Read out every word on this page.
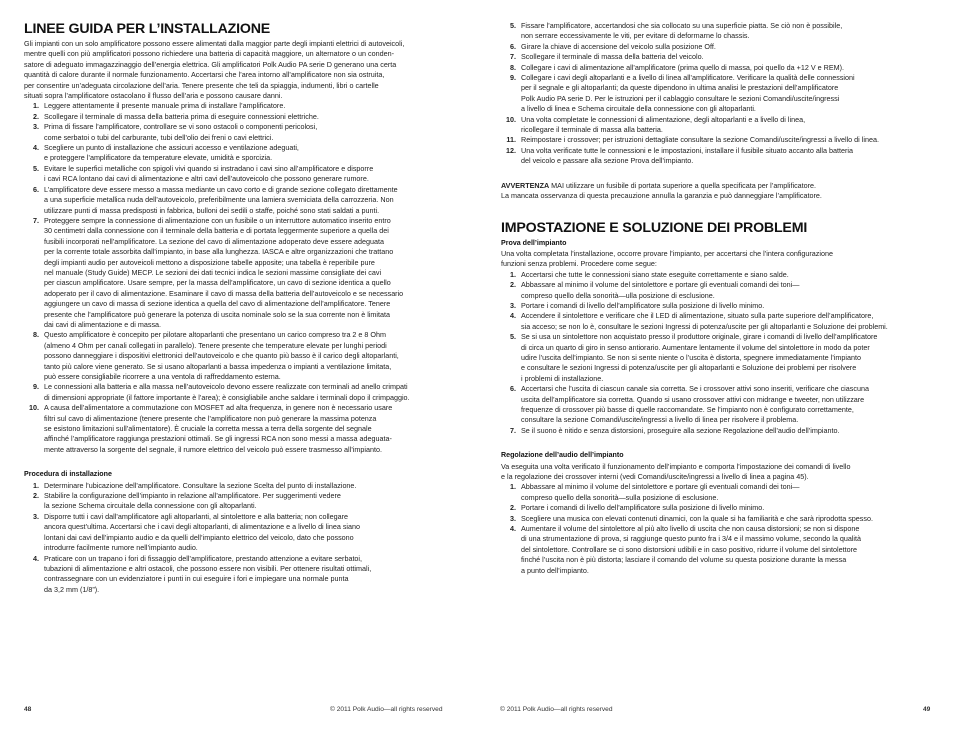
LINEE GUIDA PER L’INSTALLAZIONE

Gli impianti con un solo amplificatore possono essere alimentati dalla maggior parte degli impianti elettrici di autoveicoli,
mentre quelli con più amplificatori possono richiedere una batteria di capacità maggiore, un alternatore o un conden-
satore di adeguato immagazzinaggio dell’energia elettrica. Gli amplificatori Polk Audio PA serie D generano una certa
quantità di calore durante il normale funzionamento. Accertarsi che l’area intorno all’amplificatore non sia ostruita,
per consentire un’adeguata circolazione dell’aria. Tenere presente che teli da spiaggia, indumenti, libri o cartelle
situati sopra l’amplificatore ostacolano il flusso dell’aria e possono causare danni.

1. Leggere attentamente il presente manuale prima di installare l’amplificatore.
2. Scollegare il terminale di massa della batteria prima di eseguire connessioni elettriche.
3. Prima di fissare l’amplificatore, controllare se vi sono ostacoli o componenti pericolosi,
come serbatoi o tubi del carburante, tubi dell’olio dei freni o cavi elettrici.
4. Scegliere un punto di installazione che assicuri accesso e ventilazione adeguati,
e proteggere l’amplificatore da temperature elevate, umidità e sporcizia.
5. Evitare le superfici metalliche con spigoli vivi quando si instradano i cavi sino all’amplificatore e disporre
i cavi RCA lontano dai cavi di alimentazione e altri cavi dell’autoveicolo che possono generare rumore.
6. L’amplificatore deve essere messo a massa mediante un cavo corto e di grande sezione collegato direttamente
a una superficie metallica nuda dell’autoveicolo, preferibilmente una lamiera sverniciata della carrozzeria. Non
utilizzare punti di massa predisposti in fabbrica, bulloni dei sedili o staffe, poiché sono stati saldati a punti.
7. Proteggere sempre la connessione di alimentazione con un fusibile o un interruttore automatico inserito entro
30 centimetri dalla connessione con il terminale della batteria e di portata leggermente superiore a quella dei
fusibili incorporati nell’amplificatore. La sezione del cavo di alimentazione adoperato deve essere adeguata
per la corrente totale assorbita dall’impianto, in base alla lunghezza. IASCA e altre organizzazioni che trattano
degli impianti audio per autoveicoli mettono a disposizione tabelle apposite; una tabella è reperibile pure
nel manuale (Study Guide) MECP. Le sezioni dei dati tecnici indica le sezioni massime consigliate dei cavi
per ciascun amplificatore. Usare sempre, per la massa dell’amplificatore, un cavo di sezione identica a quello
adoperato per il cavo di alimentazione. Esaminare il cavo di massa della batteria dell’autoveicolo e se necessario
aggiungere un cavo di massa di sezione identica a quella del cavo di alimentazione dell’amplificatore. Tenere
presente che l’amplificatore può generare la potenza di uscita nominale solo se la sua corrente non è limitata
dai cavi di alimentazione e di massa.
8. Questo amplificatore è concepito per pilotare altoparlanti che presentano un carico compreso tra 2 e 8 Ohm
(almeno 4 Ohm per canali collegati in parallelo). Tenere presente che temperature elevate per lunghi periodi
possono danneggiare i dispositivi elettronici dell’autoveicolo e che quanto più basso è il carico degli altoparlanti,
tanto più calore viene generato. Se si usano altoparlanti a bassa impedenza o impianti a ventilazione limitata,
può essere consigliabile ricorrere a una ventola di raffreddamento esterna.
9. Le connessioni alla batteria e alla massa nell’autoveicolo devono essere realizzate con terminali ad anello crimpati
di dimensioni appropriate (il fattore importante è l’area); è consigliabile anche saldare i terminali dopo il crimpaggio.
10. A causa dell’alimentatore a commutazione con MOSFET ad alta frequenza, in genere non è necessario usare
filtri sul cavo di alimentazione (tenere presente che l’amplificatore non può generare la massima potenza
se esistono limitazioni sull’alimentatore). È cruciale la corretta messa a terra della sorgente del segnale
affinché l’amplificatore raggiunga prestazioni ottimali. Se gli ingressi RCA non sono messi a massa adeguata-
mente attraverso la sorgente del segnale, il rumore elettrico del veicolo può essere trasmesso all’impianto.
Procedura di installazione
1. Determinare l’ubicazione dell’amplificatore. Consultare la sezione Scelta del punto di installazione.
2. Stabilire la configurazione dell’impianto in relazione all’amplificatore. Per suggerimenti vedere
la sezione Schema circuitale della connessione con gli altoparlanti.
3. Disporre tutti i cavi dall’amplificatore agli altoparlanti, al sintolettore e alla batteria; non collegare
ancora quest’ultima. Accertarsi che i cavi degli altoparlanti, di alimentazione e a livello di linea siano
lontani dai cavi dell’impianto audio e da quelli dell’impianto elettrico del veicolo, dato che possono
introdurre facilmente rumore nell’impianto audio.
4. Praticare con un trapano i fori di fissaggio dell’amplificatore, prestando attenzione a evitare serbatoi,
tubazioni di alimentazione e altri ostacoli, che possono essere non visibili. Per ottenere risultati ottimali,
contrassegnare con un evidenziatore i punti in cui eseguire i fori e impiegare una normale punta
da 3,2 mm (1/8”).
48	© 2011 Polk Audio—all rights reserved
5. Fissare l’amplificatore, accertandosi che sia collocato su una superficie piatta. Se ciò non è possibile,
non serrare eccessivamente le viti, per evitare di deformarne lo chassis.
6. Girare la chiave di accensione del veicolo sulla posizione Off.
7. Scollegare il terminale di massa della batteria del veicolo.
8. Collegare i cavi di alimentazione all’amplificatore (prima quello di massa, poi quello da +12 V e REM).
9. Collegare i cavi degli altoparlanti e a livello di linea all’amplificatore. Verificare la qualità delle connessioni
per il segnale e gli altoparlanti; da queste dipendono in ultima analisi le prestazioni dell’amplificatore
Polk Audio PA serie D. Per le istruzioni per il cablaggio consultare le sezioni Comandi/uscite/ingressi
a livello di linea e Schema circuitale della connessione con gli altoparlanti.
10. Una volta completate le connessioni di alimentazione, degli altoparlanti e a livello di linea,
ricollegare il terminale di massa alla batteria.
11. Reimpostare i crossover; per istruzioni dettagliate consultare la sezione Comandi/uscite/ingressi a livello di linea.
12. Una volta verificate tutte le connessioni e le impostazioni, installare il fusibile situato accanto alla batteria
del veicolo e passare alla sezione Prova dell’impianto.

AVVERTENZA MAI utilizzare un fusibile di portata superiore a quella specificata per l’amplificatore.
La mancata osservanza di questa precauzione annulla la garanzia e può danneggiare l’amplificatore.

IMPOSTAZIONE E SOLUZIONE DEI PROBLEMI
Prova dell’impianto

Una volta completata l’installazione, occorre provare l’impianto, per accertarsi che l’intera configurazione
funzioni senza problemi. Procedere come segue:

1. Accertarsi che tutte le connessioni siano state eseguite correttamente e siano salde.
2. Abbassare al minimo il volume del sintolettore e portare gli eventuali comandi dei toni—
compreso quello della sonorità—ulla posizione di esclusione.
3. Portare i comandi di livello dell’amplificatore sulla posizione di livello minimo.
4. Accendere il sintolettore e verificare che il LED di alimentazione, situato sulla parte superiore dell’amplificatore,
sia acceso; se non lo è, consultare le sezioni Ingressi di potenza/uscite per gli altoparlanti e Soluzione dei problemi.
5. Se si usa un sintolettore non acquistato presso il produttore originale, girare i comandi di livello dell’amplificatore
di circa un quarto di giro in senso antiorario. Aumentare lentamente il volume del sintolettore in modo da poter
udire l’uscita dell’impianto. Se non si sente niente o l’uscita è distorta, spegnere immediatamente l’impianto
e consultare le sezioni Ingressi di potenza/uscite per gli altoparlanti e Soluzione dei problemi per risolvere
i problemi di installazione.
6. Accertarsi che l’uscita di ciascun canale sia corretta. Se i crossover attivi sono inseriti, verificare che ciascuna
uscita dell’amplificatore sia corretta. Quando si usano crossover attivi con midrange e tweeter, non utilizzare
frequenze di crossover più basse di quelle raccomandate. Se l’impianto non è configurato correttamente,
consultare la sezione Comandi/uscite/ingressi a livello di linea per risolvere il problema.
7. Se il suono è nitido e senza distorsioni, proseguire alla sezione Regolazione dell’audio dell’impianto.
Regolazione dell’audio dell’impianto

Va eseguita una volta verificato il funzionamento dell’impianto e comporta l’impostazione dei comandi di livello
e la regolazione dei crossover interni (vedi Comandi/uscite/ingressi a livello di linea a pagina 45).

1. Abbassare al minimo il volume del sintolettore e portare gli eventuali comandi dei toni—
compreso quello della sonorità—sulla posizione di esclusione.
2. Portare i comandi di livello dell’amplificatore sulla posizione di livello minimo.
3. Scegliere una musica con elevati contenuti dinamici, con la quale si ha familiarità e che sarà riprodotta spesso.
4. Aumentare il volume del sintolettore al più alto livello di uscita che non causa distorsioni; se non si dispone
di una strumentazione di prova, si raggiunge questo punto fra i 3/4 e il massimo volume, secondo la qualità
del sintolettore. Controllare se ci sono distorsioni udibili e in caso positivo, ridurre il volume del sintolettore
finché l’uscita non è più distorta; lasciare il comando del volume su questa posizione durante la messa
a punto dell’impianto.
© 2011 Polk Audio—all rights reserved	49
